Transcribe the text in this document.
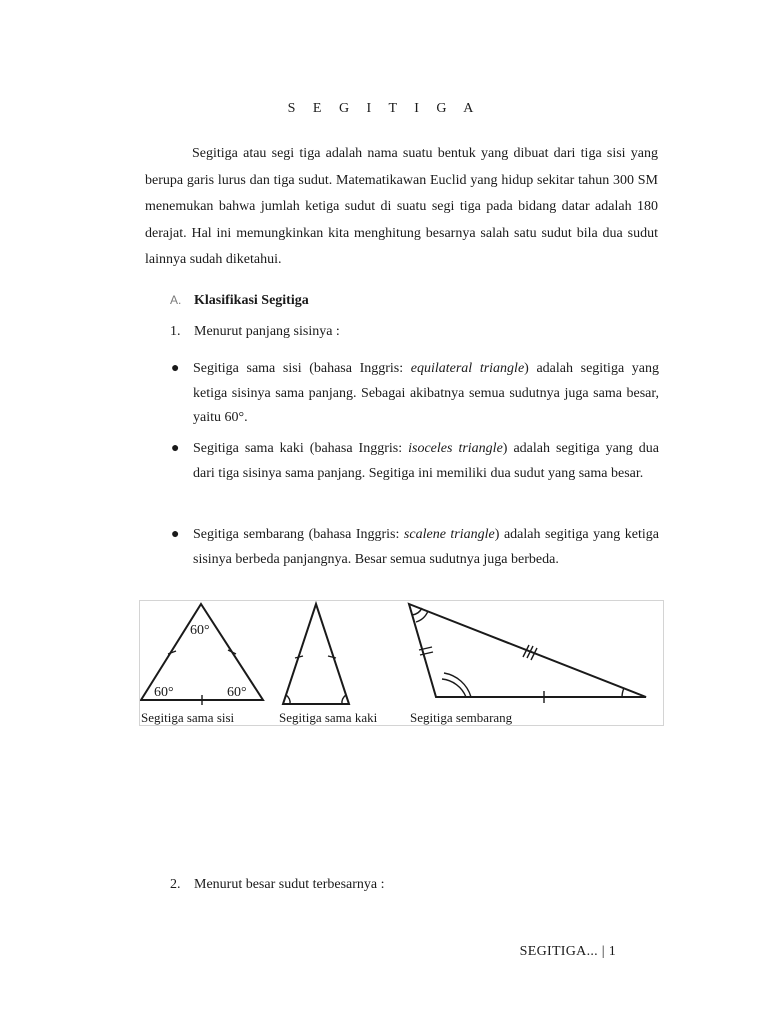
S E G I T I G A

Segitiga atau segi tiga adalah nama suatu bentuk yang dibuat dari tiga sisi yang berupa garis lurus dan tiga sudut. Matematikawan Euclid yang hidup sekitar tahun 300 SM menemukan bahwa jumlah ketiga sudut di suatu segi tiga pada bidang datar adalah 180 derajat. Hal ini memungkinkan kita menghitung besarnya salah satu sudut bila dua sudut lainnya sudah diketahui.

A. Klasifikasi Segitiga
1. Menurut panjang sisinya :

● Segitiga sama sisi (bahasa Inggris: equilateral triangle) adalah segitiga yang ketiga sisinya sama panjang. Sebagai akibatnya semua sudutnya juga sama besar, yaitu 60°.

● Segitiga sama kaki (bahasa Inggris: isoceles triangle) adalah segitiga yang dua dari tiga sisinya sama panjang. Segitiga ini memiliki dua sudut yang sama besar.

● Segitiga sembarang (bahasa Inggris: scalene triangle) adalah segitiga yang ketiga sisinya berbeda panjangnya. Besar semua sudutnya juga berbeda.

60°
60°	60°
Segitiga sama sisi	Segitiga sama kaki	Segitiga sembarang
2. Menurut besar sudut terbesarnya :
SEGITIGA... | 1
